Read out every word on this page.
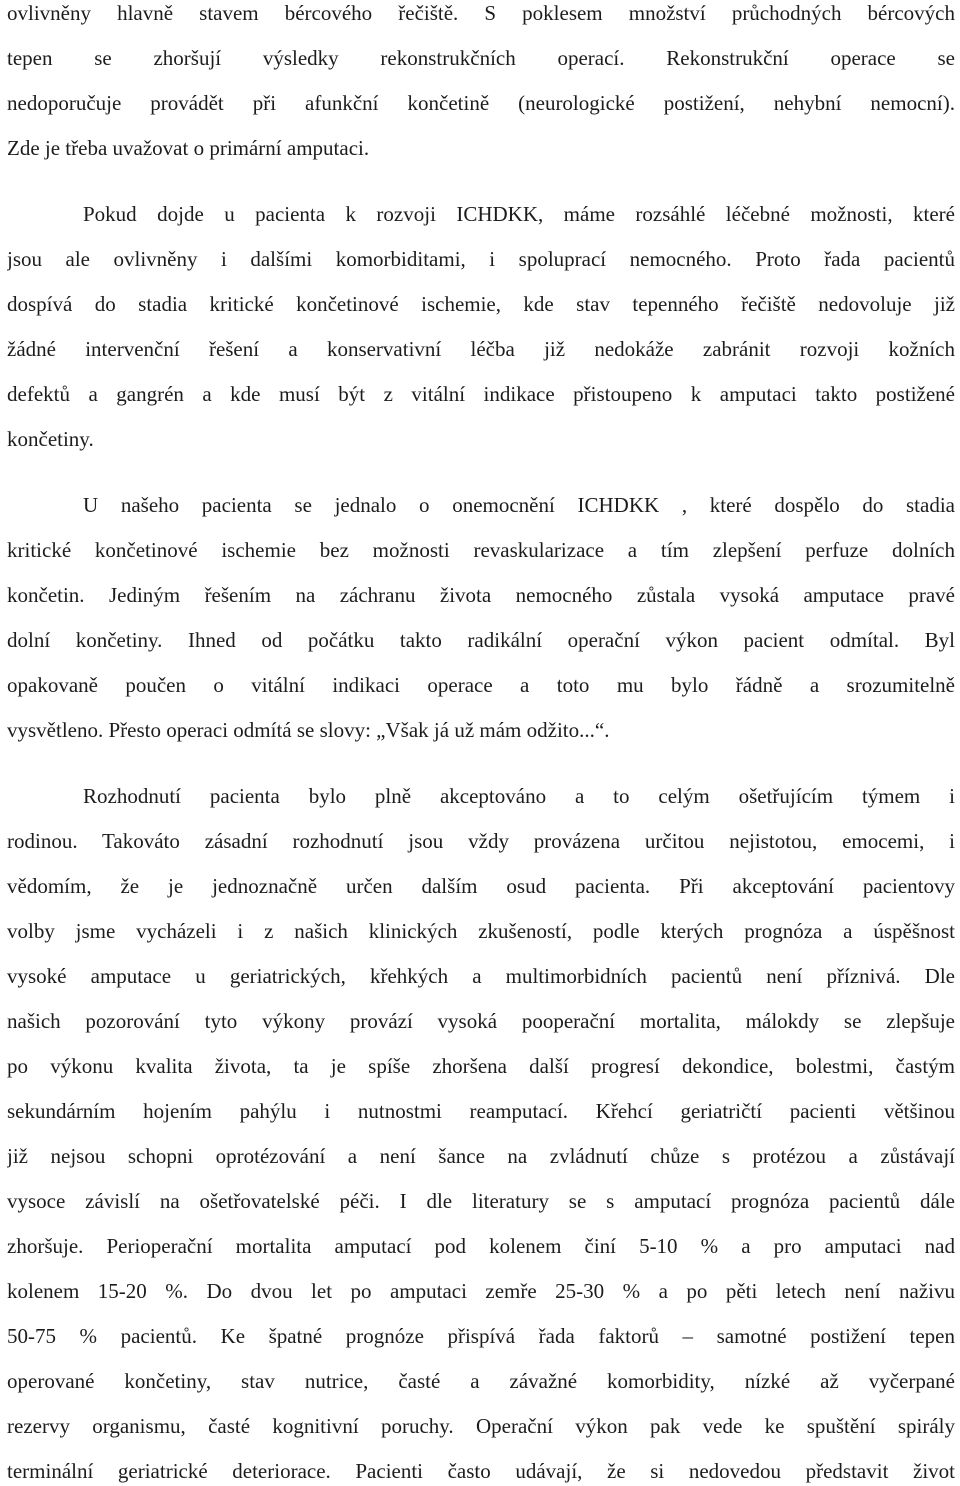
ovlivněny hlavně stavem bércového řečiště. S poklesem množství průchodných bércových
tepen se zhoršují výsledky rekonstrukčních operací. Rekonstrukční operace se
nedoporučuje provádět při afunkční končetině (neurologické postižení, nehybní nemocní).
Zde je třeba uvažovat o primární amputaci.
Pokud dojde u pacienta k rozvoji ICHDKK, máme rozsáhlé léčebné možnosti, které
jsou ale ovlivněny i dalšími komorbiditami, i spoluprací nemocného. Proto řada pacientů
dospívá do stadia kritické končetinové ischemie, kde stav tepenného řečiště nedovoluje již
žádné intervenční řešení a konservativní léčba již nedokáže zabránit rozvoji kožních
defektů a gangrén a kde musí být z vitální indikace přistoupeno k amputaci takto postižené
končetiny.
U našeho pacienta se jednalo o onemocnění ICHDKK , které dospělo do stadia
kritické končetinové ischemie bez možnosti revaskularizace a tím zlepšení perfuze dolních
končetin. Jediným řešením na záchranu života nemocného zůstala vysoká amputace pravé
dolní končetiny. Ihned od počátku takto radikální operační výkon pacient odmítal. Byl
opakovaně poučen o vitální indikaci operace a toto mu bylo řádně a srozumitelně
vysvětleno. Přesto operaci odmítá se slovy: „Však já už mám odžito...“.
Rozhodnutí pacienta bylo plně akceptováno a to celým ošetřujícím týmem i
rodinou. Takováto zásadní rozhodnutí jsou vždy provázena určitou nejistotou, emocemi, i
vědomím, že je jednoznačně určen dalším osud pacienta. Při akceptování pacientovy
volby jsme vycházeli i z našich klinických zkušeností, podle kterých prognóza a úspěšnost
vysoké amputace u geriatrických, křehkých a multimorbidních pacientů není příznivá. Dle
našich pozorování tyto výkony provází vysoká pooperační mortalita, málokdy se zlepšuje
po výkonu kvalita života, ta je spíše zhoršena další progresí dekondice, bolestmi, častým
sekundárním hojením pahýlu i nutnostmi reamputací. Křehcí geriatričtí pacienti většinou
již nejsou schopni oprotézování a není šance na zvládnutí chůze s protézou a zůstávají
vysoce závislí na ošetřovatelské péči. I dle literatury se s amputací prognóza pacientů dále
zhoršuje. Perioperační mortalita amputací pod kolenem činí 5-10 % a pro amputaci nad
kolenem 15-20 %. Do dvou let po amputaci zemře 25-30 % a po pěti letech není naživu
50-75 % pacientů. Ke špatné prognóze přispívá řada faktorů – samotné postižení tepen
operované končetiny, stav nutrice, časté a závažné komorbidity, nízké až vyčerpané
rezervy organismu, časté kognitivní poruchy. Operační výkon pak vede ke spuštění spirály
terminální geriatrické deteriorace. Pacienti často udávají, že si nedovedou představit život
